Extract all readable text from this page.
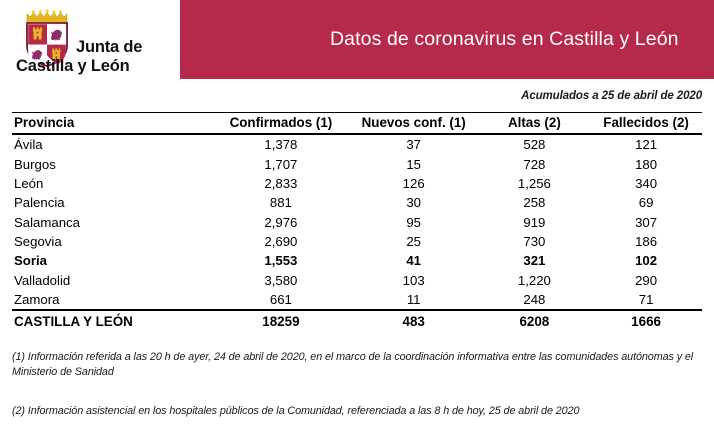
Datos de coronavirus en Castilla y León
Junta de
Castilla y León
Acumulados a 25 de abril de 2020
Provincia	Confirmados (1)	Nuevos conf. (1)	Altas (2)	Fallecidos (2)
Ávila	1,378	37	528	121
Burgos	1,707	15	728	180
León	2,833	126	1,256	340
Palencia	881	30	258	69
Salamanca	2,976	95	919	307
Segovia	2,690	25	730	186
Soria	1,553	41	321	102
Valladolid	3,580	103	1,220	290
Zamora	661	11	248	71
CASTILLA Y LEÓN	18259	483	6208	1666
(1) Información referida a las 20 h de ayer, 24 de abril de 2020, en el marco de la coordinación informativa entre las comunidades autónomas y el Ministerio de Sanidad
(2) Información asistencial en los hospitales públicos de la Comunidad, referenciada a las 8 h de hoy, 25 de abril de 2020
